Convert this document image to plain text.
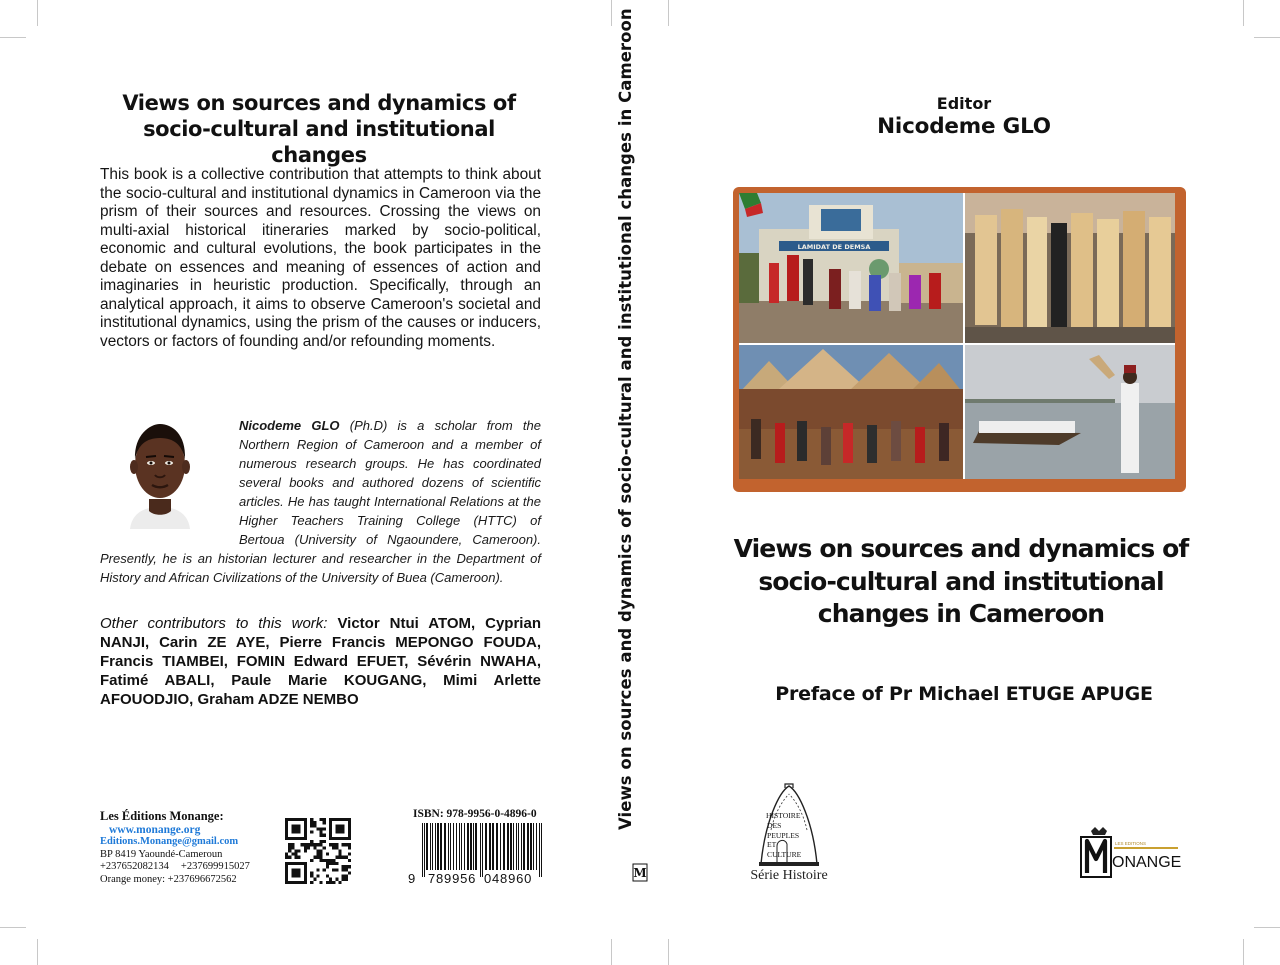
Views on sources and dynamics of
socio-cultural and institutional changes
This book is a collective contribution that attempts to think about the socio-cultural and institutional dynamics in Cameroon via the prism of their sources and resources. Crossing the views on multi-axial historical itineraries marked by socio-political, economic and cultural evolutions, the book participates in the debate on essences and meaning of essences of action and imaginaries in heuristic production. Specifically, through an analytical approach, it aims to observe Cameroon's societal and institutional dynamics, using the prism of the causes or inducers, vectors or factors of founding and/or refounding moments.
Nicodeme GLO (Ph.D) is a scholar from the Northern Region of Cameroon and a member of numerous research groups. He has coordinated several books and authored dozens of scientific articles. He has taught International Relations at the Higher Teachers Training College (HTTC) of Bertoua (University of Ngaoundere, Cameroon). Presently, he is an historian lecturer and researcher in the Department of History and African Civilizations of the University of Buea (Cameroon).
Other contributors to this work: Victor Ntui ATOM, Cyprian NANJI, Carin ZE AYE, Pierre Francis MEPONGO FOUDA, Francis TIAMBEI, FOMIN Edward EFUET, Sévérin NWAHA, Fatimé ABALI, Paule Marie KOUGANG, Mimi Arlette AFOUODJIO, Graham ADZE NEMBO
Les Éditions Monange:
www.monange.org
Editions.Monange@gmail.com
BP 8419 Yaoundé-Cameroun
+237652082134 +237699915027
Orange money: +237696672562
ISBN: 978-9956-0-4896-0
9 789956 048960
Views on sources and dynamics of socio-cultural and institutional changes in Cameroon
M
Editor
Nicodeme GLO
LAMIDAT DE DEMSA
Views on sources and dynamics of
socio-cultural and institutional
changes in Cameroon
Preface of Pr Michael ETUGE APUGE
HISTOIRE
DES
PEUPLES
ET
CULTURE
Série Histoire
LES EDITIONS
ONANGE
